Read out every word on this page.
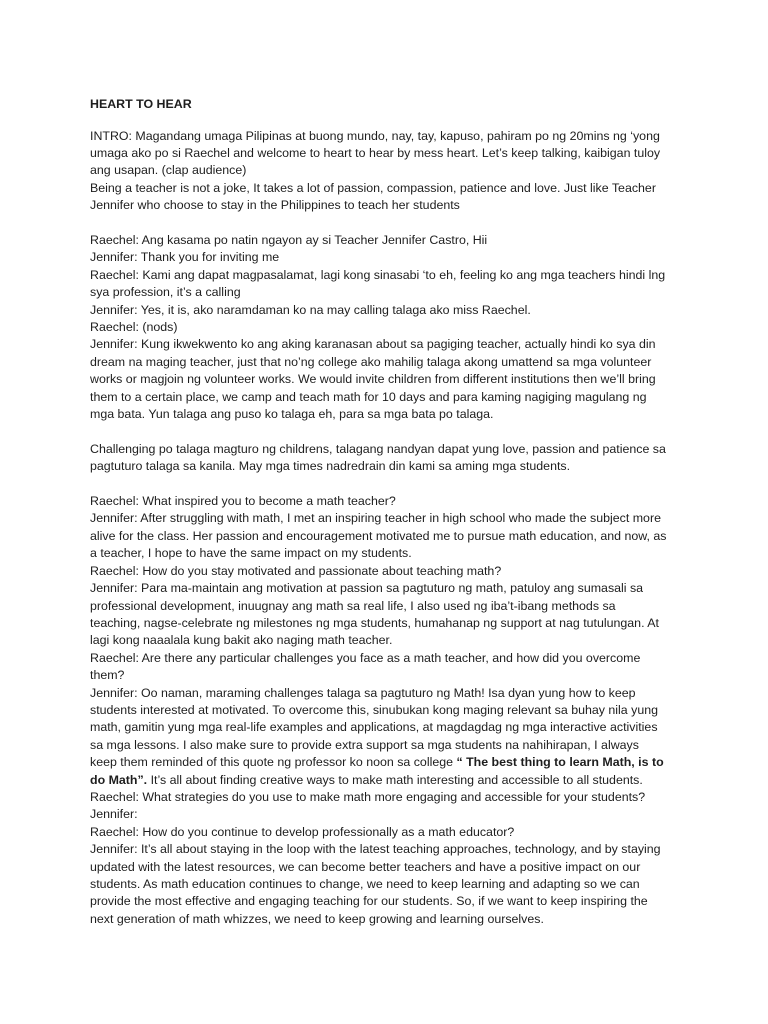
HEART TO HEAR

INTRO: Magandang umaga Pilipinas at buong mundo, nay, tay, kapuso, pahiram po ng 20mins ng ‘yong umaga ako po si Raechel and welcome to heart to hear by mess heart. Let’s keep talking, kaibigan tuloy ang usapan. (clap audience)

Being a teacher is not a joke, It takes a lot of passion, compassion, patience and love. Just like Teacher Jennifer who choose to stay in the Philippines to teach her students

Raechel: Ang kasama po natin ngayon ay si Teacher Jennifer Castro, Hii

Jennifer: Thank you for inviting me

Raechel: Kami ang dapat magpasalamat, lagi kong sinasabi ‘to eh, feeling ko ang mga teachers hindi lng sya profession, it’s a calling

Jennifer: Yes, it is, ako naramdaman ko na may calling talaga ako miss Raechel.

Raechel: (nods)

Jennifer: Kung ikwekwento ko ang aking karanasan about sa pagiging teacher, actually hindi ko sya din dream na maging teacher, just that no’ng college ako mahilig talaga akong umattend sa mga volunteer works or magjoin ng volunteer works. We would invite children from different institutions then we’ll bring them to a certain place, we camp and teach math for 10 days and para kaming nagiging magulang ng mga bata. Yun talaga ang puso ko talaga eh, para sa mga bata po talaga.

Challenging po talaga magturo ng childrens, talagang nandyan dapat yung love, passion and patience sa pagtuturo talaga sa kanila. May mga times nadredrain din kami sa aming mga students.

Raechel: What inspired you to become a math teacher?

Jennifer: After struggling with math, I met an inspiring teacher in high school who made the subject more alive for the class. Her passion and encouragement motivated me to pursue math education, and now, as a teacher, I hope to have the same impact on my students.

Raechel: How do you stay motivated and passionate about teaching math?

Jennifer: Para ma-maintain ang motivation at passion sa pagtuturo ng math, patuloy ang sumasali sa professional development, inuugnay ang math sa real life, I also used ng iba’t-ibang methods sa teaching, nagse-celebrate ng milestones ng mga students, humahanap ng support at nag tutulungan. At lagi kong naaalala kung bakit ako naging math teacher.

Raechel: Are there any particular challenges you face as a math teacher, and how did you overcome them?

Jennifer: Oo naman, maraming challenges talaga sa pagtuturo ng Math! Isa dyan yung how to keep students interested at motivated. To overcome this, sinubukan kong maging relevant sa buhay nila yung math, gamitin yung mga real-life examples and applications, at magdagdag ng mga interactive activities sa mga lessons. I also make sure to provide extra support sa mga students na nahihirapan, I always keep them reminded of this quote ng professor ko noon sa college “ The best thing to learn Math, is to do Math”. It’s all about finding creative ways to make math interesting and accessible to all students.

Raechel: What strategies do you use to make math more engaging and accessible for your students?

Jennifer:

Raechel: How do you continue to develop professionally as a math educator?

Jennifer: It’s all about staying in the loop with the latest teaching approaches, technology, and by staying updated with the latest resources, we can become better teachers and have a positive impact on our students. As math education continues to change, we need to keep learning and adapting so we can provide the most effective and engaging teaching for our students. So, if we want to keep inspiring the next generation of math whizzes, we need to keep growing and learning ourselves.
